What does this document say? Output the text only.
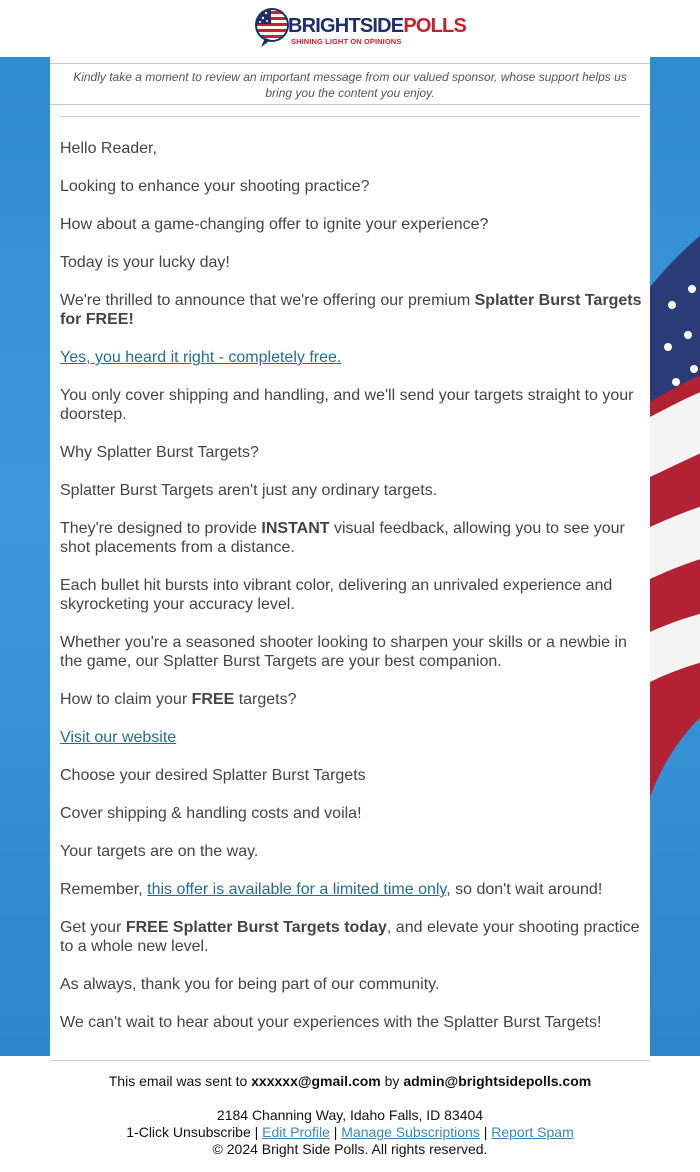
BRIGHTSIDEPOLLS
SHINING LIGHT ON OPINIONS
Kindly take a moment to review an important message from our valued sponsor, whose support helps us bring you the content you enjoy.

Hello Reader,

Looking to enhance your shooting practice?

How about a game-changing offer to ignite your experience?

Today is your lucky day!

We're thrilled to announce that we're offering our premium Splatter Burst Targets for FREE!

Yes, you heard it right - completely free.

You only cover shipping and handling, and we'll send your targets straight to your doorstep.

Why Splatter Burst Targets?

Splatter Burst Targets aren't just any ordinary targets.

They're designed to provide INSTANT visual feedback, allowing you to see your shot placements from a distance.

Each bullet hit bursts into vibrant color, delivering an unrivaled experience and skyrocketing your accuracy level.

Whether you're a seasoned shooter looking to sharpen your skills or a newbie in the game, our Splatter Burst Targets are your best companion.

How to claim your FREE targets?

Visit our website

Choose your desired Splatter Burst Targets

Cover shipping & handling costs and voila!

Your targets are on the way.

Remember, this offer is available for a limited time only, so don't wait around!

Get your FREE Splatter Burst Targets today, and elevate your shooting practice to a whole new level.

As always, thank you for being part of our community.

We can't wait to hear about your experiences with the Splatter Burst Targets!

This email was sent to xxxxxx@gmail.com by admin@brightsidepolls.com
2184 Channing Way, Idaho Falls, ID 83404
1-Click Unsubscribe | Edit Profile | Manage Subscriptions | Report Spam
© 2024 Bright Side Polls. All rights reserved.
